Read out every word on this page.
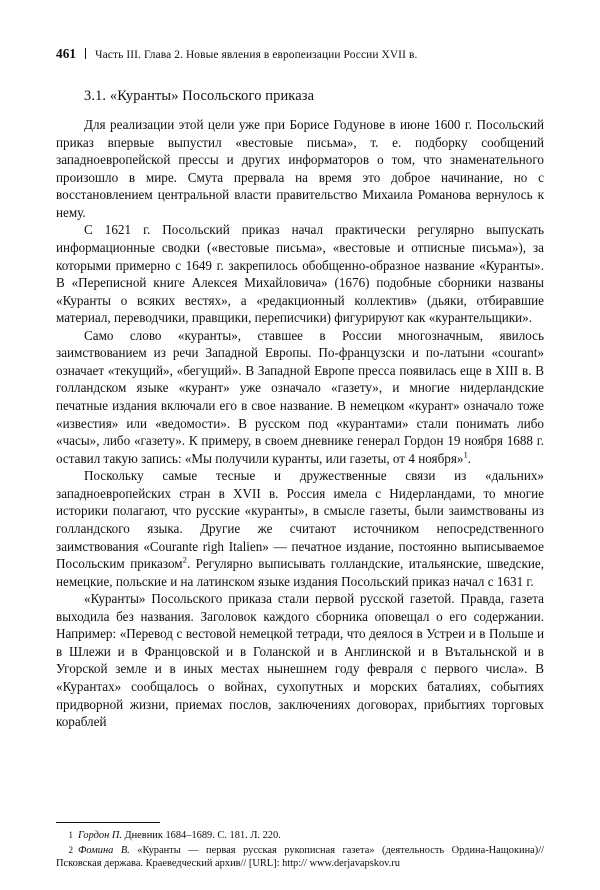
461 Часть III. Глава 2. Новые явления в европеизации России XVII в.
3.1. «Куранты» Посольского приказа

Для реализации этой цели уже при Борисе Годунове в июне 1600 г. Посольский приказ впервые выпустил «вестовые письма», т. е. подборку сообщений западноевропейской прессы и других информаторов о том, что знаменательного произошло в мире. Смута прервала на время это доброе начинание, но с восстановлением центральной власти правительство Михаила Романова вернулось к нему.

С 1621 г. Посольский приказ начал практически регулярно выпускать информационные сводки («вестовые письма», «вестовые и отписные письма»), за которыми примерно с 1649 г. закрепилось обобщенно-образное название «Куранты». В «Переписной книге Алексея Михайловича» (1676) подобные сборники названы «Куранты о всяких вестях», а «редакционный коллектив» (дьяки, отбиравшие материал, переводчики, правщики, переписчики) фигурируют как «курантельщики».

Само слово «куранты», ставшее в России многозначным, явилось заимствованием из речи Западной Европы. По-французски и по-латыни «courant» означает «текущий», «бегущий». В Западной Европе пресса появилась еще в XIII в. В голландском языке «курант» уже означало «газету», и многие нидерландские печатные издания включали его в свое название. В немецком «курант» означало тоже «известия» или «ведомости». В русском под «курантами» стали понимать либо «часы», либо «газету». К примеру, в своем дневнике генерал Гордон 19 ноября 1688 г. оставил такую запись: «Мы получили куранты, или газеты, от 4 ноября»$^1$.

Поскольку самые тесные и дружественные связи из «дальних» западноевропейских стран в XVII в. Россия имела с Нидерландами, то многие историки полагают, что русские «куранты», в смысле газеты, были заимствованы из голландского языка. Другие же считают источником непосредственного заимствования «Courante righ Italien» — печатное издание, постоянно выписываемое Посольским приказом$^2$. Регулярно выписывать голландские, итальянские, шведские, немецкие, польские и на латинском языке издания Посольский приказ начал с 1631 г.

«Куранты» Посольского приказа стали первой русской газетой. Правда, газета выходила без названия. Заголовок каждого сборника оповещал о его содержании. Например: «Перевод с вестовой немецкой тетради, что деялося в Устреи и в Польше и в Шлежи и в Францовской и в Голанской и в Англинской и в Вътальнской и в Угорской земле и в иных местах нынешнем году февраля с первого числа». В «Курантах» сообщалось о войнах, сухопутных и морских баталиях, событиях придворной жизни, приемах послов, заключениях договорах, прибытиях торговых кораблей

1 Гордон П. Дневник 1684–1689. С. 181. Л. 220.

2 Фомина В. «Куранты — первая русская рукописная газета» (деятельность Ордина-Нащокина)// Псковская держава. Краеведческий архив// [URL]: http:// www.derjavapskov.ru
